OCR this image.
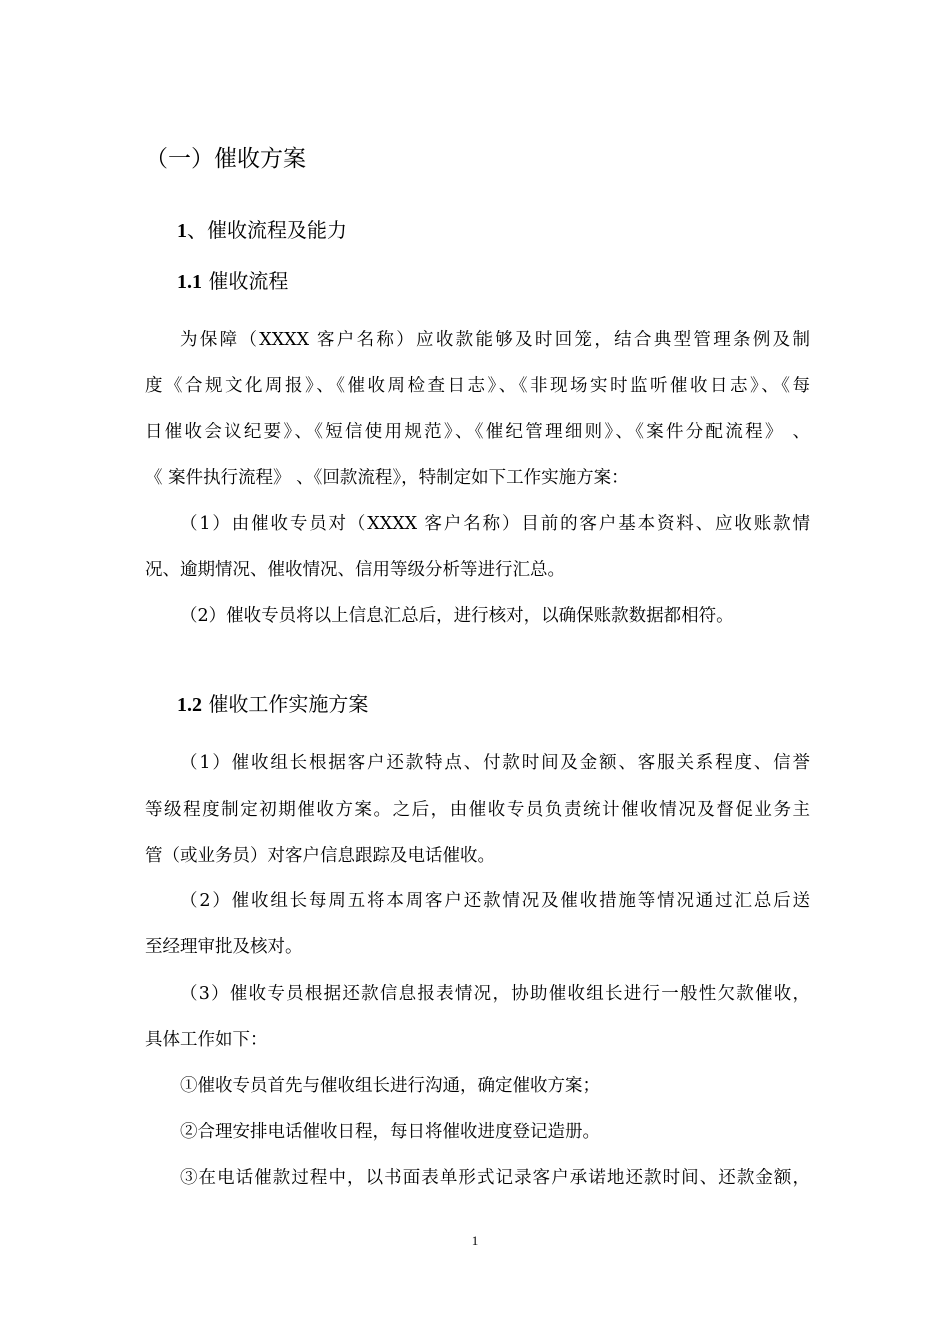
（一）催收方案
1、催收流程及能力
1.1 催收流程
为保障（XXXX 客户名称）应收款能够及时回笼，结合典型管理条例及制
度《合规文化周报》、《催收周检查日志》、《非现场实时监听催收日志》、《每
日催收会议纪要》、《短信使用规范》、《催纪管理细则》、《案件分配流程》 、
《 案件执行流程》 、《回款流程》，特制定如下工作实施方案：
（1）由催收专员对（XXXX 客户名称）目前的客户基本资料、应收账款情
况、逾期情况、催收情况、信用等级分析等进行汇总。
（2）催收专员将以上信息汇总后，进行核对，以确保账款数据都相符。
1.2 催收工作实施方案
（1）催收组长根据客户还款特点、付款时间及金额、客服关系程度、信誉
等级程度制定初期催收方案。之后，由催收专员负责统计催收情况及督促业务主
管（或业务员）对客户信息跟踪及电话催收。
（2）催收组长每周五将本周客户还款情况及催收措施等情况通过汇总后送
至经理审批及核对。
（3）催收专员根据还款信息报表情况，协助催收组长进行一般性欠款催收，
具体工作如下：
①催收专员首先与催收组长进行沟通，确定催收方案；
②合理安排电话催收日程，每日将催收进度登记造册。
③在电话催款过程中，以书面表单形式记录客户承诺地还款时间、还款金额，
1
